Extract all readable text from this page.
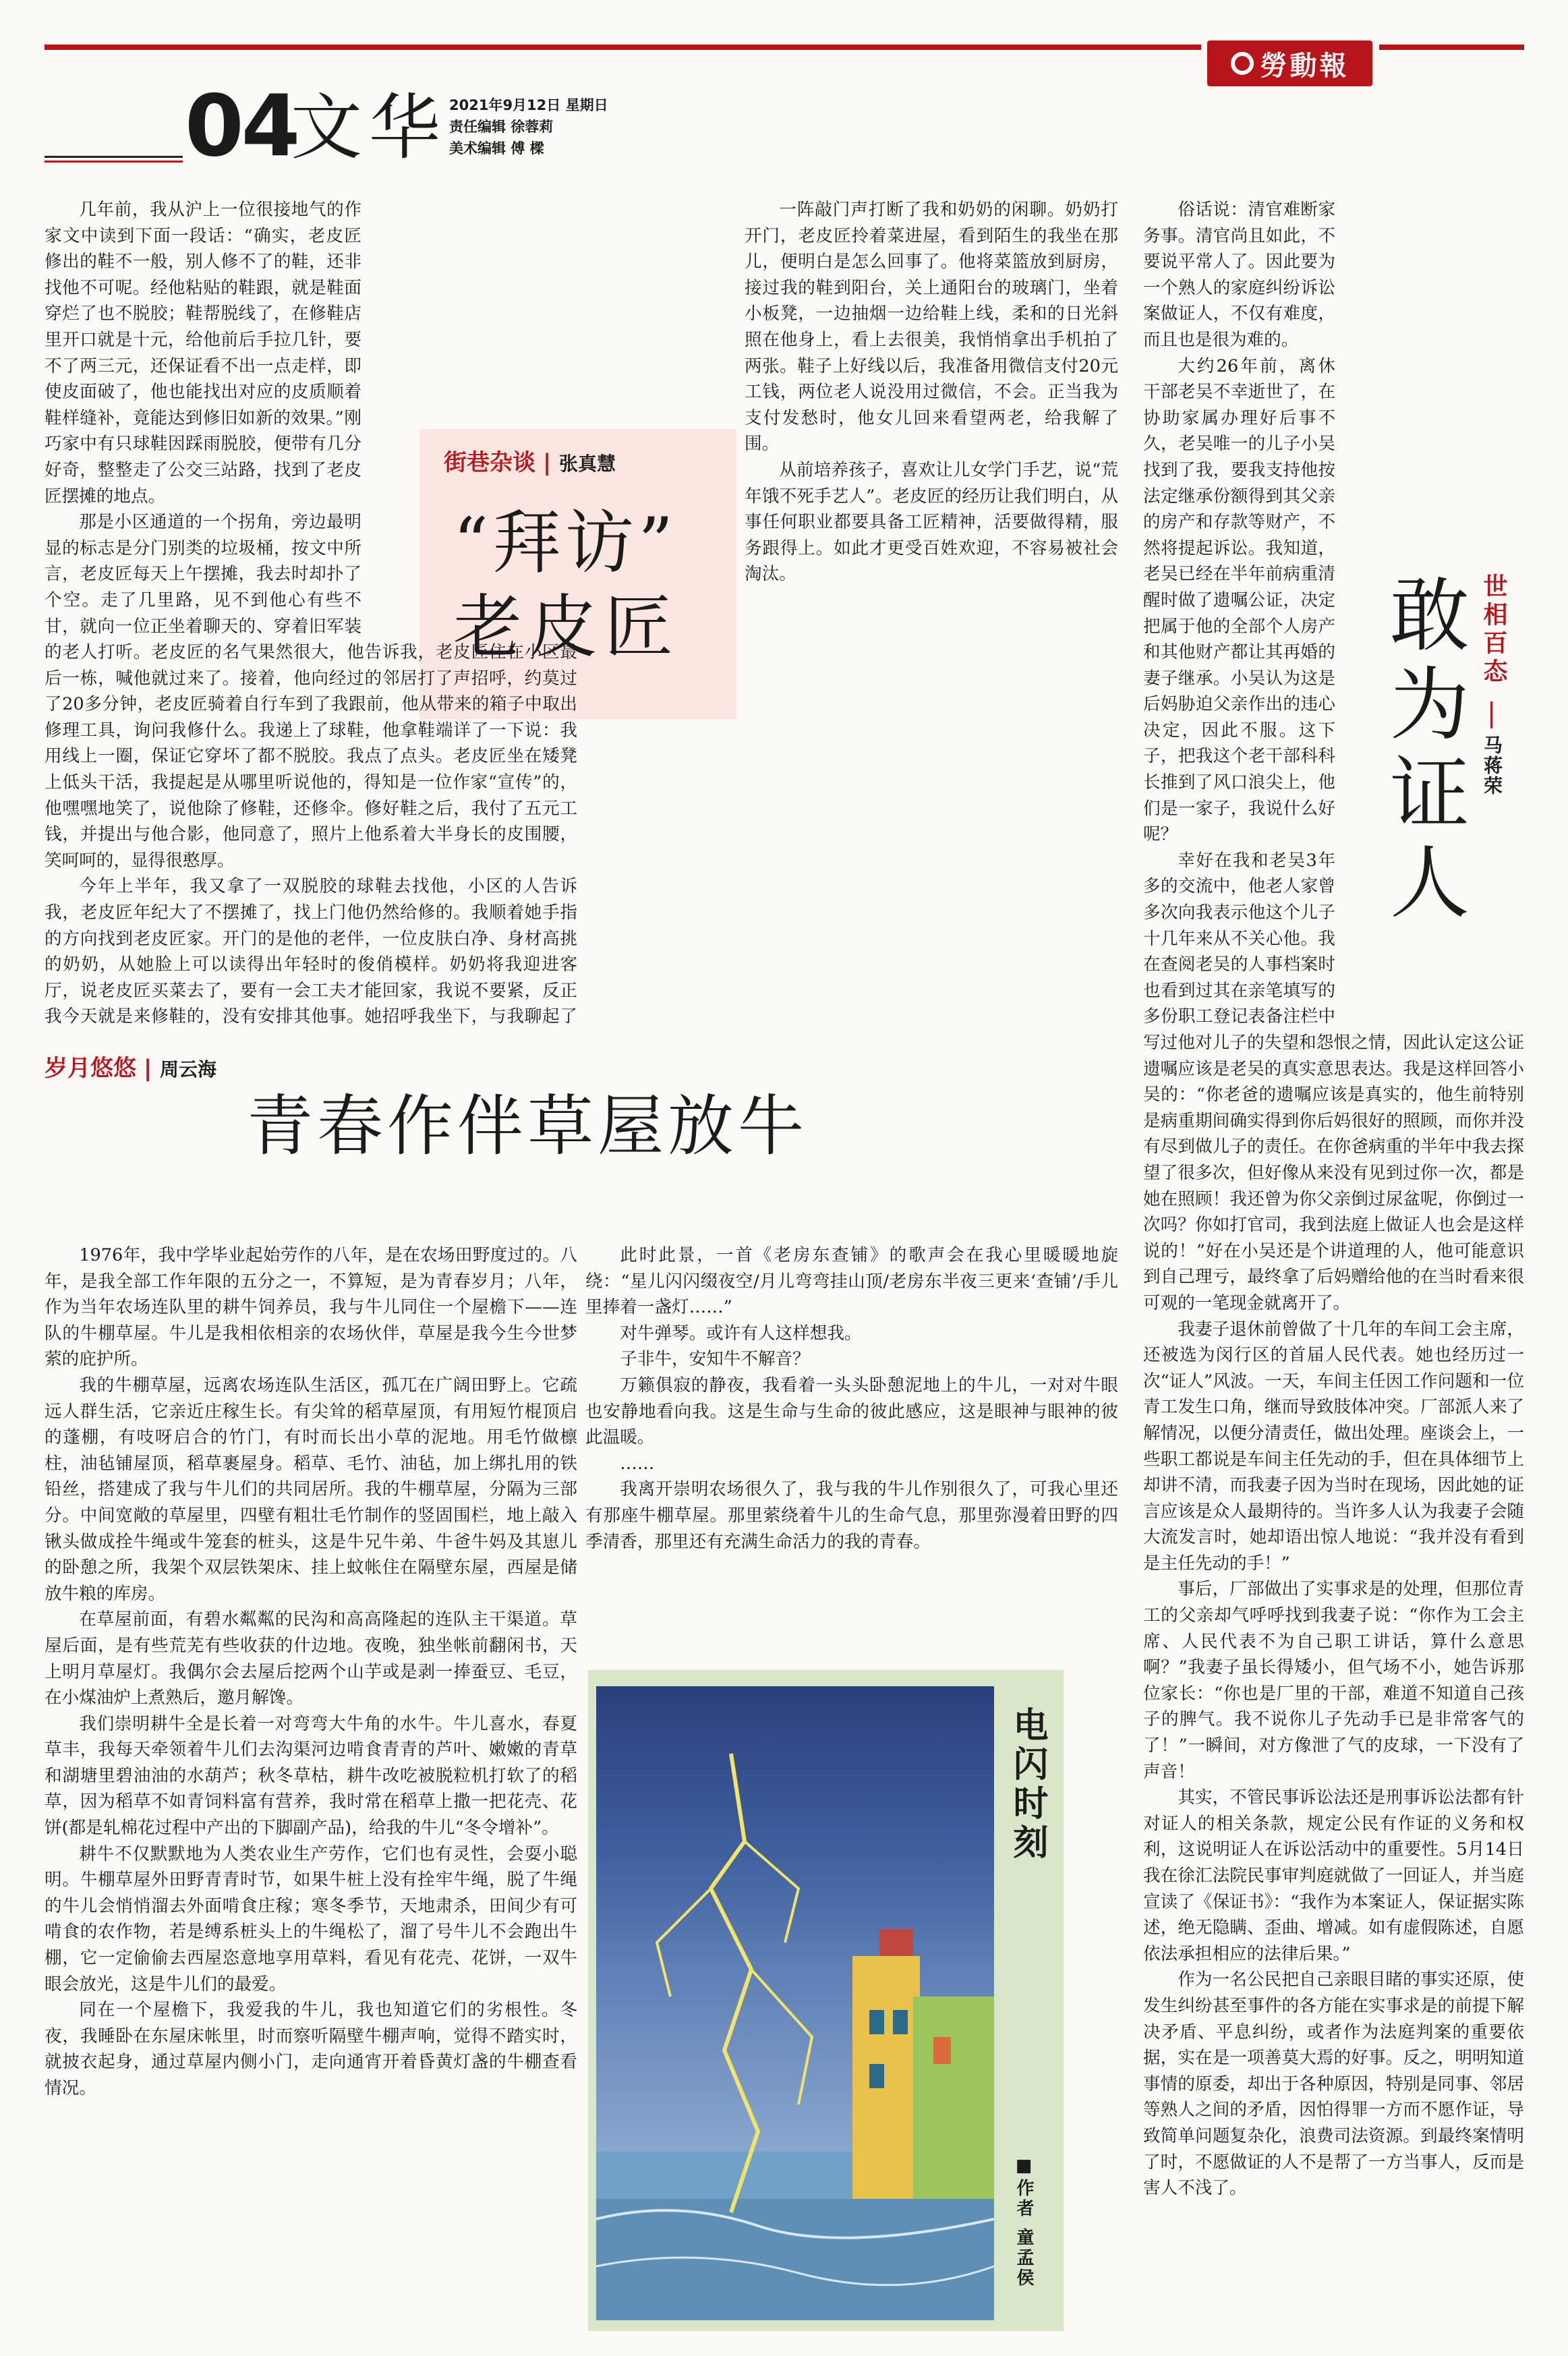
勞動報
04
文华 2021年9月12日 星期日
责任编辑 徐蓉莉
美术编辑 傅 樑
街巷杂谈 | 张真慧
“拜访”
老皮匠

几年前，我从沪上一位很接地气的作家文中读到下面一段话：“确实，老皮匠修出的鞋不一般，别人修不了的鞋，还非找他不可呢。经他粘贴的鞋跟，就是鞋面穿烂了也不脱胶；鞋帮脱线了，在修鞋店里开口就是十元，给他前后手拉几针，要不了两三元，还保证看不出一点走样，即使皮面破了，他也能找出对应的皮质顺着鞋样缝补，竟能达到修旧如新的效果。”刚巧家中有只球鞋因踩雨脱胶，便带有几分好奇，整整走了公交三站路，找到了老皮匠摆摊的地点。

那是小区通道的一个拐角，旁边最明显的标志是分门别类的垃圾桶，按文中所言，老皮匠每天上午摆摊，我去时却扑了个空。走了几里路，见不到他心有些不甘，就向一位正坐着聊天的、穿着旧军装的老人打听。老皮匠的名气果然很大，他告诉我，老皮匠住在小区最后一栋，喊他就过来了。接着，他向经过的邻居打了声招呼，约莫过了20多分钟，老皮匠骑着自行车到了我跟前，他从带来的箱子中取出修理工具，询问我修什么。我递上了球鞋，他拿鞋端详了一下说：我用线上一圈，保证它穿坏了都不脱胶。我点了点头。老皮匠坐在矮凳上低头干活，我提起是从哪里听说他的，得知是一位作家“宣传”的，他嘿嘿地笑了，说他除了修鞋，还修伞。修好鞋之后，我付了五元工钱，并提出与他合影，他同意了，照片上他系着大半身长的皮围腰，笑呵呵的，显得很憨厚。

今年上半年，我又拿了一双脱胶的球鞋去找他，小区的人告诉我，老皮匠年纪大了不摆摊了，找上门他仍然给修的。我顺着她手指的方向找到老皮匠家。开门的是他的老伴，一位皮肤白净、身材高挑的奶奶，从她脸上可以读得出年轻时的俊俏模样。奶奶将我迎进客厅，说老皮匠买菜去了，要有一会工夫才能回家，我说不要紧，反正我今天就是来修鞋的，没有安排其他事。她招呼我坐下，与我聊起了

一阵敲门声打断了我和奶奶的闲聊。奶奶打开门，老皮匠拎着菜进屋，看到陌生的我坐在那儿，便明白是怎么回事了。他将菜篮放到厨房，接过我的鞋到阳台，关上通阳台的玻璃门，坐着小板凳，一边抽烟一边给鞋上线，柔和的日光斜照在他身上，看上去很美，我悄悄拿出手机拍了两张。鞋子上好线以后，我准备用微信支付20元工钱，两位老人说没用过微信，不会。正当我为支付发愁时，他女儿回来看望两老，给我解了围。

从前培养孩子，喜欢让儿女学门手艺，说“荒年饿不死手艺人”。老皮匠的经历让我们明白，从事任何职业都要具备工匠精神，活要做得精，服务跟得上。如此才更受百姓欢迎，不容易被社会淘汰。

岁月悠悠 | 周云海
青春作伴草屋放牛

1976年，我中学毕业起始劳作的八年，是在农场田野度过的。八年，是我全部工作年限的五分之一，不算短，是为青春岁月；八年，作为当年农场连队里的耕牛饲养员，我与牛儿同住一个屋檐下——连队的牛棚草屋。牛儿是我相依相亲的农场伙伴，草屋是我今生今世梦萦的庇护所。

我的牛棚草屋，远离农场连队生活区，孤兀在广阔田野上。它疏远人群生活，它亲近庄稼生长。有尖耸的稻草屋顶，有用短竹棍顶启的蓬棚，有吱呀启合的竹门，有时而长出小草的泥地。用毛竹做檩柱，油毡铺屋顶，稻草裹屋身。稻草、毛竹、油毡，加上绑扎用的铁铅丝，搭建成了我与牛儿们的共同居所。我的牛棚草屋，分隔为三部分。中间宽敞的草屋里，四壁有粗壮毛竹制作的竖固围栏，地上敲入锹头做成拴牛绳或牛笼套的桩头，这是牛兄牛弟、牛爸牛妈及其崽儿的卧憩之所，我架个双层铁架床、挂上蚊帐住在隔壁东屋，西屋是储放牛粮的库房。

在草屋前面，有碧水粼粼的民沟和高高隆起的连队主干渠道。草屋后面，是有些荒芜有些收获的什边地。夜晚，独坐帐前翻闲书，天上明月草屋灯。我偶尔会去屋后挖两个山芋或是剥一捧蚕豆、毛豆，在小煤油炉上煮熟后，邀月解馋。

我们崇明耕牛全是长着一对弯弯大牛角的水牛。牛儿喜水，春夏草丰，我每天牵领着牛儿们去沟渠河边啃食青青的芦叶、嫩嫩的青草和湖塘里碧油油的水葫芦；秋冬草枯，耕牛改吃被脱粒机打软了的稻草，因为稻草不如青饲料富有营养，我时常在稻草上撒一把花壳、花饼(都是轧棉花过程中产出的下脚副产品)，给我的牛儿“冬令增补”。

耕牛不仅默默地为人类农业生产劳作，它们也有灵性，会耍小聪明。牛棚草屋外田野青青时节，如果牛桩上没有拴牢牛绳，脱了牛绳的牛儿会悄悄溜去外面啃食庄稼；寒冬季节，天地肃杀，田间少有可啃食的农作物，若是缚系桩头上的牛绳松了，溜了号牛儿不会跑出牛棚，它一定偷偷去西屋恣意地享用草料，看见有花壳、花饼，一双牛眼会放光，这是牛儿们的最爱。

同在一个屋檐下，我爱我的牛儿，我也知道它们的劣根性。冬夜，我睡卧在东屋床帐里，时而察听隔壁牛棚声响，觉得不踏实时，就披衣起身，通过草屋内侧小门，走向通宵开着昏黄灯盏的牛棚查看情况。

此时此景，一首《老房东查铺》的歌声会在我心里暖暖地旋绕：“星儿闪闪缀夜空/月儿弯弯挂山顶/老房东半夜三更来‘查铺’/手儿里捧着一盏灯……”

对牛弹琴。或许有人这样想我。

子非牛，安知牛不解音？

万籁俱寂的静夜，我看着一头头卧憩泥地上的牛儿，一对对牛眼也安静地看向我。这是生命与生命的彼此感应，这是眼神与眼神的彼此温暖。

……

我离开崇明农场很久了，我与我的牛儿作别很久了，可我心里还有那座牛棚草屋。那里萦绕着牛儿的生命气息，那里弥漫着田野的四季清香，那里还有充满生命活力的我的青春。

电闪时刻
■作者 童孟侯
敢为证人 世相百态
马蒋荣

俗话说：清官难断家务事。清官尚且如此，不要说平常人了。因此要为一个熟人的家庭纠纷诉讼案做证人，不仅有难度，而且也是很为难的。

大约26年前，离休干部老吴不幸逝世了，在协助家属办理好后事不久，老吴唯一的儿子小吴找到了我，要我支持他按法定继承份额得到其父亲的房产和存款等财产，不然将提起诉讼。我知道，老吴已经在半年前病重清醒时做了遗嘱公证，决定把属于他的全部个人房产和其他财产都让其再婚的妻子继承。小吴认为这是后妈胁迫父亲作出的违心决定，因此不服。这下子，把我这个老干部科科长推到了风口浪尖上，他们是一家子，我说什么好呢？

幸好在我和老吴3年多的交流中，他老人家曾多次向我表示他这个儿子十几年来从不关心他。我在查阅老吴的人事档案时也看到过其在亲笔填写的多份职工登记表备注栏中写过他对儿子的失望和怨恨之情，因此认定这公证遗嘱应该是老吴的真实意思表达。我是这样回答小吴的：“你老爸的遗嘱应该是真实的，他生前特别是病重期间确实得到你后妈很好的照顾，而你并没有尽到做儿子的责任。在你爸病重的半年中我去探望了很多次，但好像从来没有见到过你一次，都是她在照顾！我还曾为你父亲倒过尿盆呢，你倒过一次吗？你如打官司，我到法庭上做证人也会是这样说的！”好在小吴还是个讲道理的人，他可能意识到自己理亏，最终拿了后妈赠给他的在当时看来很可观的一笔现金就离开了。

我妻子退休前曾做了十几年的车间工会主席，还被选为闵行区的首届人民代表。她也经历过一次“证人”风波。一天，车间主任因工作问题和一位青工发生口角，继而导致肢体冲突。厂部派人来了解情况，以便分清责任，做出处理。座谈会上，一些职工都说是车间主任先动的手，但在具体细节上却讲不清，而我妻子因为当时在现场，因此她的证言应该是众人最期待的。当许多人认为我妻子会随大流发言时，她却语出惊人地说：“我并没有看到是主任先动的手！”

事后，厂部做出了实事求是的处理，但那位青工的父亲却气呼呼找到我妻子说：“你作为工会主席、人民代表不为自己职工讲话，算什么意思啊？”我妻子虽长得矮小，但气场不小，她告诉那位家长：“你也是厂里的干部，难道不知道自己孩子的脾气。我不说你儿子先动手已是非常客气的了！”一瞬间，对方像泄了气的皮球，一下没有了声音！

其实，不管民事诉讼法还是刑事诉讼法都有针对证人的相关条款，规定公民有作证的义务和权利，这说明证人在诉讼活动中的重要性。5月14日我在徐汇法院民事审判庭就做了一回证人，并当庭宣读了《保证书》：“我作为本案证人，保证据实陈述，绝无隐瞒、歪曲、增减。如有虚假陈述，自愿依法承担相应的法律后果。”

作为一名公民把自己亲眼目睹的事实还原，使发生纠纷甚至事件的各方能在实事求是的前提下解决矛盾、平息纠纷，或者作为法庭判案的重要依据，实在是一项善莫大焉的好事。反之，明明知道事情的原委，却出于各种原因，特别是同事、邻居等熟人之间的矛盾，因怕得罪一方而不愿作证，导致简单问题复杂化，浪费司法资源。到最终案情明了时，不愿做证的人不是帮了一方当事人，反而是害人不浅了。
